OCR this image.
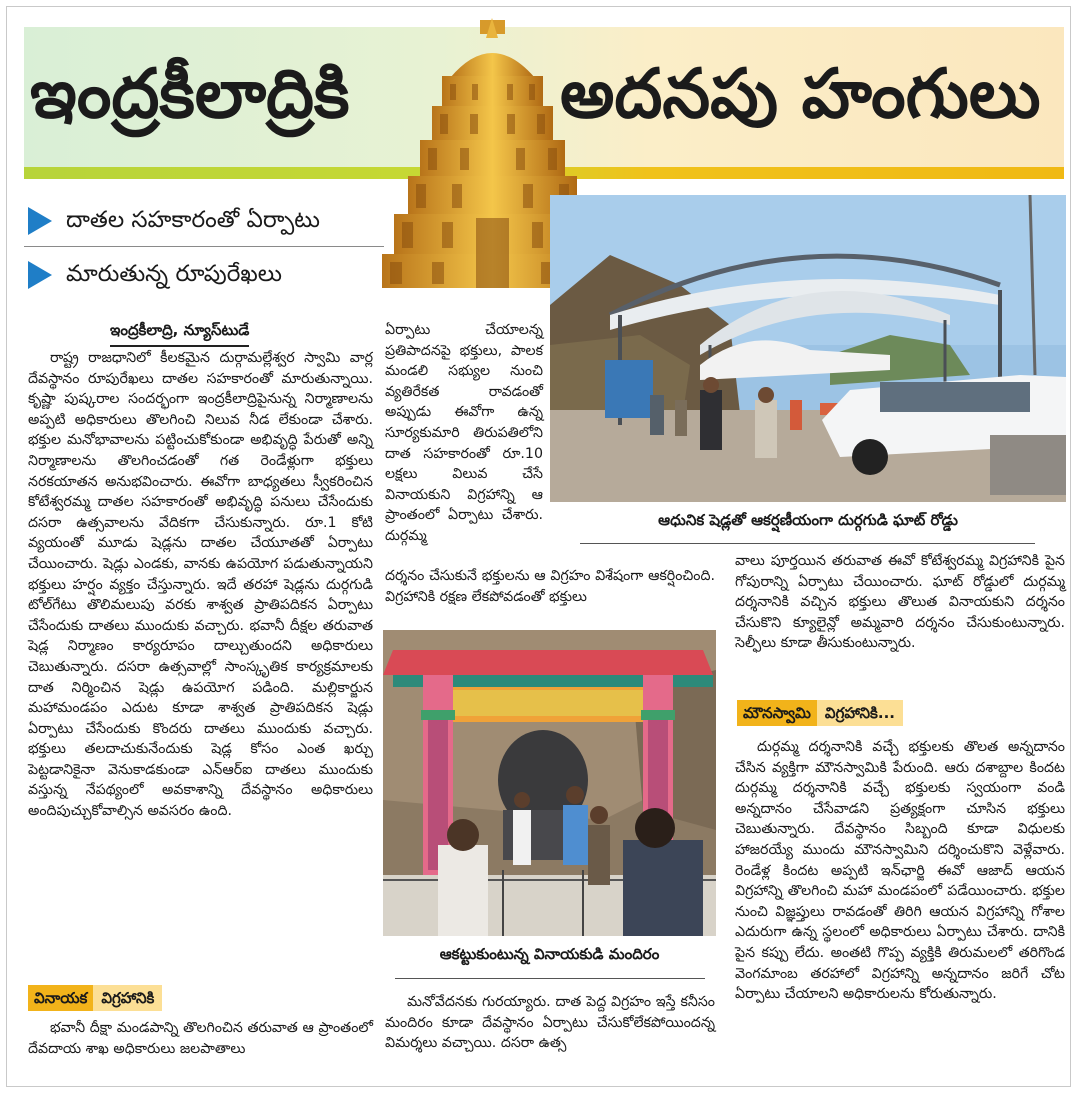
ఇంద్రకీలాద్రికి	అదనపు హంగులు
దాతల సహకారంతో ఏర్పాటు
మారుతున్న రూపురేఖలు
ఆధునిక షెడ్లతో ఆకర్షణీయంగా దుర్గగుడి ఘాట్ రోడ్డు
ఇంద్రకీలాద్రి, న్యూస్‌టుడే

రాష్ట్ర రాజధానిలో కీలకమైన దుర్గామల్లేశ్వర స్వామి వార్ల దేవస్థానం రూపురేఖలు దాతల సహకారంతో మారుతున్నాయి. కృష్ణా పుష్కరాల సందర్భంగా ఇంద్రకీలాద్రిపైనున్న నిర్మాణాలను అప్పటి అధికారులు తొలగించి నిలువ నీడ లేకుండా చేశారు. భక్తుల మనోభావాలను పట్టించుకోకుండా అభివృద్ధి పేరుతో అన్ని నిర్మాణాలను తొలగించడంతో గత రెండేళ్లుగా భక్తులు నరకయాతన అనుభవించారు. ఈవోగా బాధ్యతలు స్వీకరించిన కోటేశ్వరమ్మ దాతల సహకారంతో అభివృద్ధి పనులు చేసేందుకు దసరా ఉత్సవాలను వేదికగా చేసుకున్నారు. రూ.1 కోటి వ్యయంతో మూడు షెడ్లను దాతల చేయూతతో ఏర్పాటు చేయించారు. షెడ్లు ఎండకు, వానకు ఉపయోగ పడుతున్నాయని భక్తులు హర్షం వ్యక్తం చేస్తున్నారు. ఇదే తరహా షెడ్లను దుర్గగుడి టోల్‌గేటు తొలిమలుపు వరకు శాశ్వత ప్రాతిపదికన ఏర్పాటు చేసేందుకు దాతలు ముందుకు వచ్చారు. భవానీ దీక్షల తరువాత షెడ్ల నిర్మాణం కార్యరూపం దాల్చుతుందని అధికారులు చెబుతున్నారు. దసరా ఉత్సవాల్లో సాంస్కృతిక కార్యక్రమాలకు దాత నిర్మించిన షెడ్లు ఉపయోగ పడింది. మల్లికార్జున మహామండపం ఎదుట కూడా శాశ్వత ప్రాతిపదికన షెడ్లు ఏర్పాటు చేసేందుకు కొందరు దాతలు ముందుకు వచ్చారు. భక్తులు తలదాచుకునేందుకు షెడ్ల కోసం ఎంత ఖర్చు పెట్టడానికైనా వెనుకాడకుండా ఎన్‌ఆర్ఐ దాతలు ముందుకు వస్తున్న నేపథ్యంలో అవకాశాన్ని దేవస్థానం అధికారులు అందిపుచ్చుకోవాల్సిన అవసరం ఉంది.

వినాయక విగ్రహానికి

భవానీ దీక్షా మండపాన్ని తొలగించిన తరువాత ఆ ప్రాంతంలో దేవదాయ శాఖ అధికారులు జలపాతాలు

ఏర్పాటు చేయాలన్న ప్రతిపాదనపై భక్తులు, పాలక మండలి సభ్యుల నుంచి వ్యతిరేకత రావడంతో అప్పుడు ఈవోగా ఉన్న సూర్యకుమారి తిరుపతిలోని దాత సహకారంతో రూ.10 లక్షలు విలువ చేసే వినాయకుని విగ్రహాన్ని ఆ ప్రాంతంలో ఏర్పాటు చేశారు. దుర్గమ్మ

దర్శనం చేసుకునే భక్తులను ఆ విగ్రహం విశేషంగా ఆకర్షించింది. విగ్రహానికి రక్షణ లేకపోవడంతో భక్తులు

ఆకట్టుకుంటున్న వినాయకుడి మందిరం

మనోవేదనకు గురయ్యారు. దాత పెద్ద విగ్రహం ఇస్తే కనీసం మందిరం కూడా దేవస్థానం ఏర్పాటు చేసుకోలేకపోయిందన్న విమర్శలు వచ్చాయి. దసరా ఉత్స

వాలు పూర్తయిన తరువాత ఈవో కోటేశ్వరమ్మ విగ్రహానికి పైన గోపురాన్ని ఏర్పాటు చేయించారు. ఘాట్ రోడ్డులో దుర్గమ్మ దర్శనానికి వచ్చిన భక్తులు తొలుత వినాయకుని దర్శనం చేసుకొని క్యూలైన్లో అమ్మవారి దర్శనం చేసుకుంటున్నారు. సెల్ఫీలు కూడా తీసుకుంటున్నారు.

మౌనస్వామి విగ్రహానికి...

దుర్గమ్మ దర్శనానికి వచ్చే భక్తులకు తొలత అన్నదానం చేసిన వ్యక్తిగా మౌనస్వామికి పేరుంది. ఆరు దశాబ్దాల కిందట దుర్గమ్మ దర్శనానికి వచ్చే భక్తులకు స్వయంగా వండి అన్నదానం చేసేవాడని ప్రత్యక్షంగా చూసిన భక్తులు చెబుతున్నారు. దేవస్థానం సిబ్బంది కూడా విధులకు హాజరయ్యే ముందు మౌనస్వామిని దర్శించుకొని వెళ్లేవారు. రెండేళ్ల కిందట అప్పటి ఇన్‌ఛార్జి ఈవో ఆజాద్ ఆయన విగ్రహాన్ని తొలగించి మహా మండపంలో పడేయించారు. భక్తుల నుంచి విజ్ఞప్తులు రావడంతో తిరిగి ఆయన విగ్రహాన్ని గోశాల ఎదురుగా ఉన్న స్థలంలో అధికారులు ఏర్పాటు చేశారు. దానికి పైన కప్పు లేదు. అంతటి గొప్ప వ్యక్తికి తిరుమలలో తరిగొండ వెంగమాంబ తరహాలో విగ్రహాన్ని అన్నదానం జరిగే చోట ఏర్పాటు చేయాలని అధికారులను కోరుతున్నారు.
